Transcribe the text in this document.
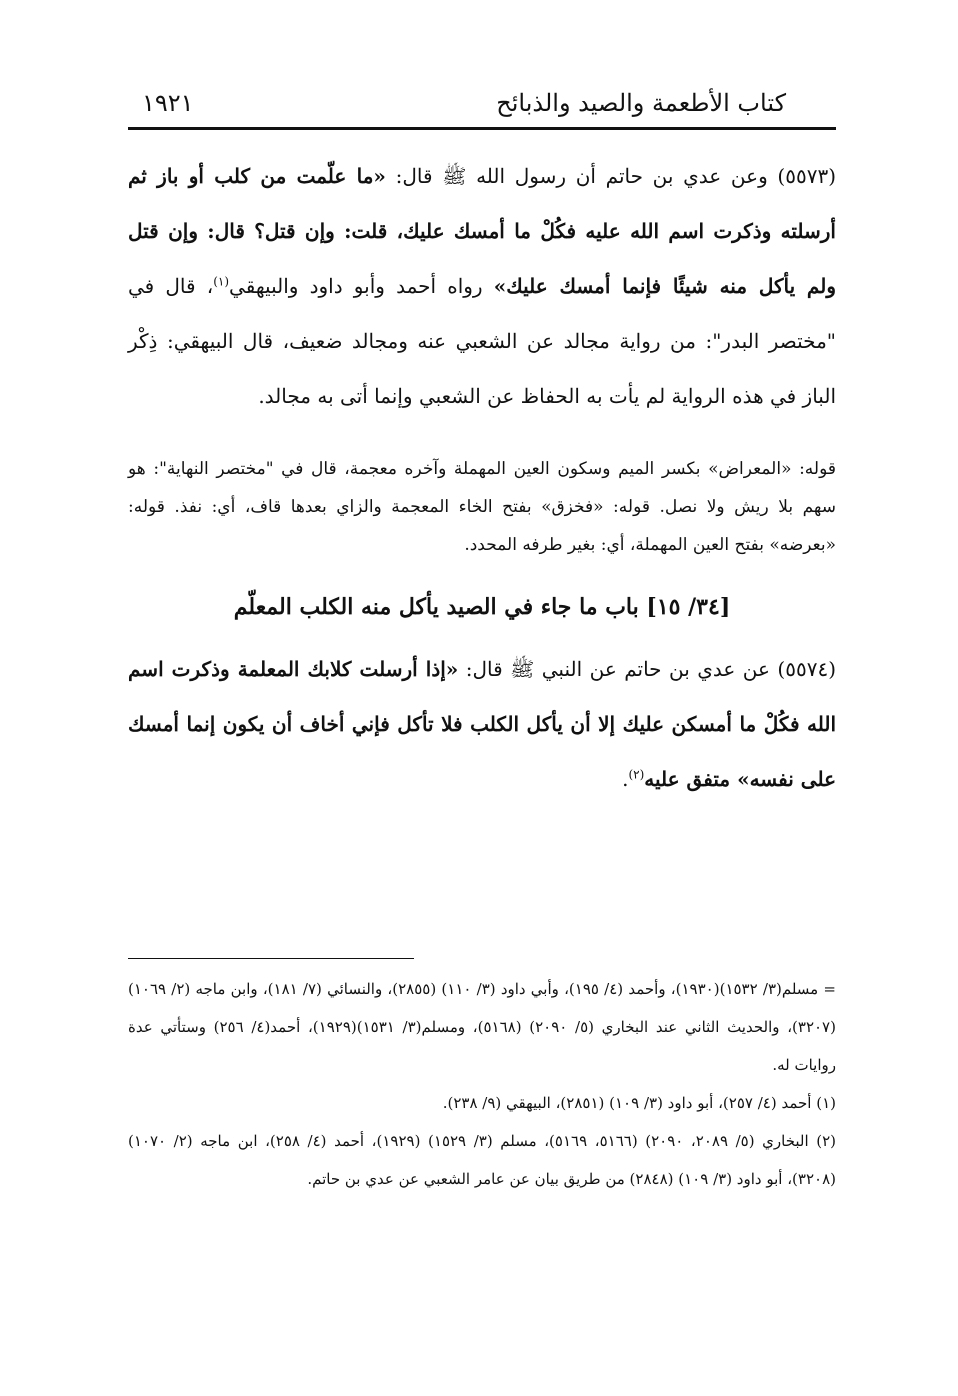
كتاب الأطعمة والصيد والذبائح
١٩٢١

(٥٥٧٣) وعن عدي بن حاتم أن رسول الله ﷺ قال: «ما علّمت من كلب أو باز ثم أرسلته وذكرت اسم الله عليه فكُلْ ما أمسك عليك، قلت: وإن قتل؟ قال: وإن قتل ولم يأكل منه شيئًا فإنما أمسك عليك» رواه أحمد وأبو داود والبيهقي$^{(١)}$، قال في "مختصر البدر": من رواية مجالد عن الشعبي عنه ومجالد ضعيف، قال البيهقي: ذِكْر الباز في هذه الرواية لم يأت به الحفاظ عن الشعبي وإنما أتى به مجالد.

قوله: «المعراض» بكسر الميم وسكون العين المهملة وآخره معجمة، قال في "مختصر النهاية": هو سهم بلا ريش ولا نصل. قوله: «فخزق» بفتح الخاء المعجمة والزاي بعدها قاف، أي: نفذ. قوله: «بعرضه» بفتح العين المهملة، أي: بغير طرفه المحدد.

[٣٤/ ١٥] باب ما جاء في الصيد يأكل منه الكلب المعلّم

(٥٥٧٤) عن عدي بن حاتم عن النبي ﷺ قال: «إذا أرسلت كلابك المعلمة وذكرت اسم الله فكُلْ ما أمسكن عليك إلا أن يأكل الكلب فلا تأكل فإني أخاف أن يكون إنما أمسك على نفسه» متفق عليه$^{(٢)}$.

= مسلم(٣/ ١٥٣٢)(١٩٣٠)، وأحمد (٤/ ١٩٥)، وأبي داود (٣/ ١١٠) (٢٨٥٥)، والنسائي (٧/ ١٨١)، وابن ماجه (٢/ ١٠٦٩) (٣٢٠٧)، والحديث الثاني عند البخاري (٥/ ٢٠٩٠) (٥١٦٨)، ومسلم(٣/ ١٥٣١)(١٩٢٩)، أحمد(٤/ ٢٥٦) وستأتي عدة روايات له.

(١) أحمد (٤/ ٢٥٧)، أبو داود (٣/ ١٠٩) (٢٨٥١)، البيهقي (٩/ ٢٣٨).

(٢) البخاري (٥/ ٢٠٨٩، ٢٠٩٠) (٥١٦٦، ٥١٦٩)، مسلم (٣/ ١٥٢٩) (١٩٢٩)، أحمد (٤/ ٢٥٨)، ابن ماجه (٢/ ١٠٧٠) (٣٢٠٨)، أبو داود (٣/ ١٠٩) (٢٨٤٨) من طريق بيان عن عامر الشعبي عن عدي بن حاتم.
